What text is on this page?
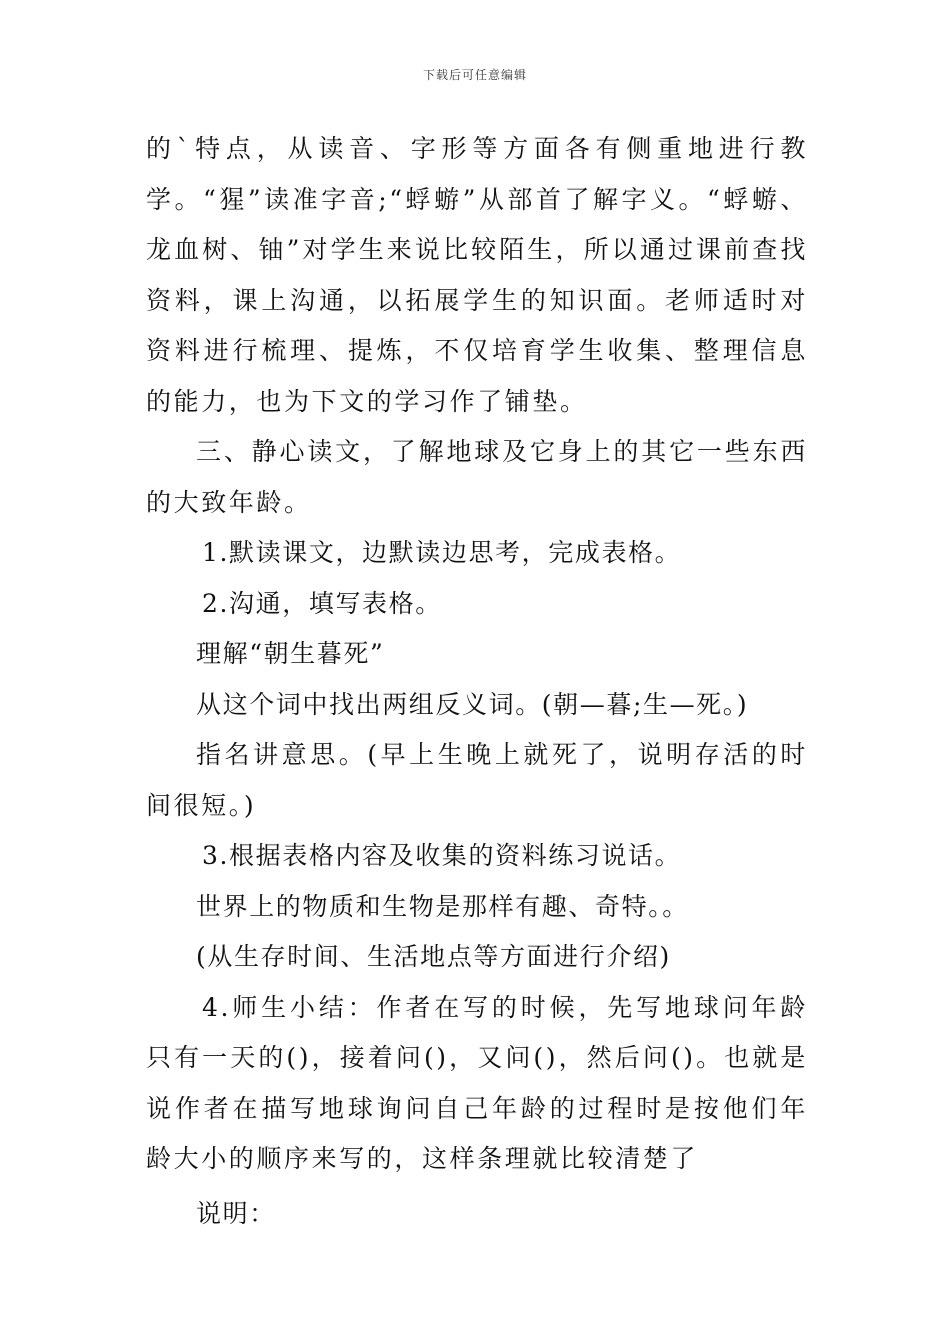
下载后可任意编辑

的`特点，从读音、字形等方面各有侧重地进行教学。“猩”读准字音;“蜉蝣”从部首了解字义。“蜉蝣、龙血树、铀”对学生来说比较陌生，所以通过课前查找资料，课上沟通，以拓展学生的知识面。老师适时对资料进行梳理、提炼，不仅培育学生收集、整理信息的能力，也为下文的学习作了铺垫。

三、静心读文，了解地球及它身上的其它一些东西的大致年龄。

1.默读课文，边默读边思考，完成表格。

2.沟通，填写表格。

理解“朝生暮死”

从这个词中找出两组反义词。(朝—暮;生—死。)

指名讲意思。(早上生晚上就死了，说明存活的时间很短。)

3.根据表格内容及收集的资料练习说话。

世界上的物质和生物是那样有趣、奇特。。

(从生存时间、生活地点等方面进行介绍)

4.师生小结：作者在写的时候，先写地球问年龄只有一天的()，接着问()，又问()，然后问()。也就是说作者在描写地球询问自己年龄的过程时是按他们年龄大小的顺序来写的，这样条理就比较清楚了

说明：
